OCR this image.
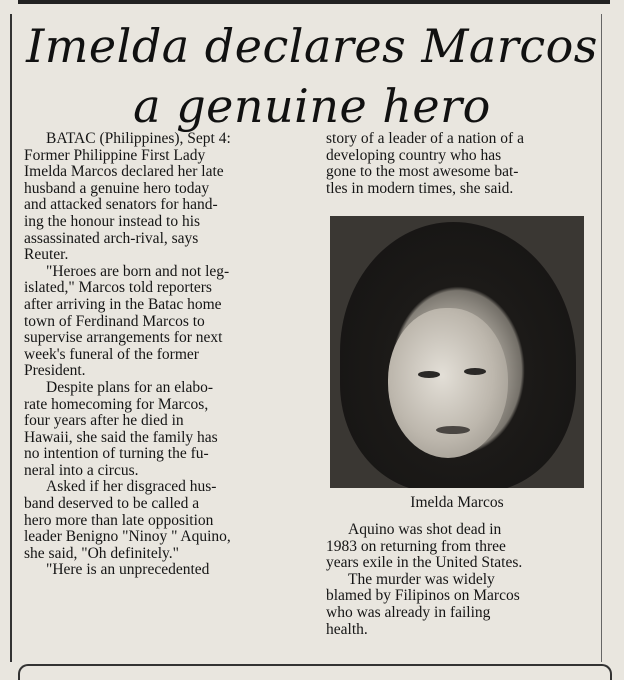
Imelda declares Marcos
a genuine hero

BATAC (Philippines), Sept 4:
Former Philippine First Lady
Imelda Marcos declared her late
husband a genuine hero today
and attacked senators for hand-
ing the honour instead to his
assassinated arch-rival, says
Reuter.

"Heroes are born and not leg-
islated," Marcos told reporters
after arriving in the Batac home
town of Ferdinand Marcos to
supervise arrangements for next
week's funeral of the former
President.

Despite plans for an elabo-
rate homecoming for Marcos,
four years after he died in
Hawaii, she said the family has
no intention of turning the fu-
neral into a circus.

Asked if her disgraced hus-
band deserved to be called a
hero more than late opposition
leader Benigno "Ninoy " Aquino,
she said, "Oh definitely."

"Here is an unprecedented

story of a leader of a nation of a
developing country who has
gone to the most awesome bat-
tles in modern times, she said.

Imelda Marcos

Aquino was shot dead in
1983 on returning from three
years exile in the United States.

The murder was widely
blamed by Filipinos on Marcos
who was already in failing
health.
